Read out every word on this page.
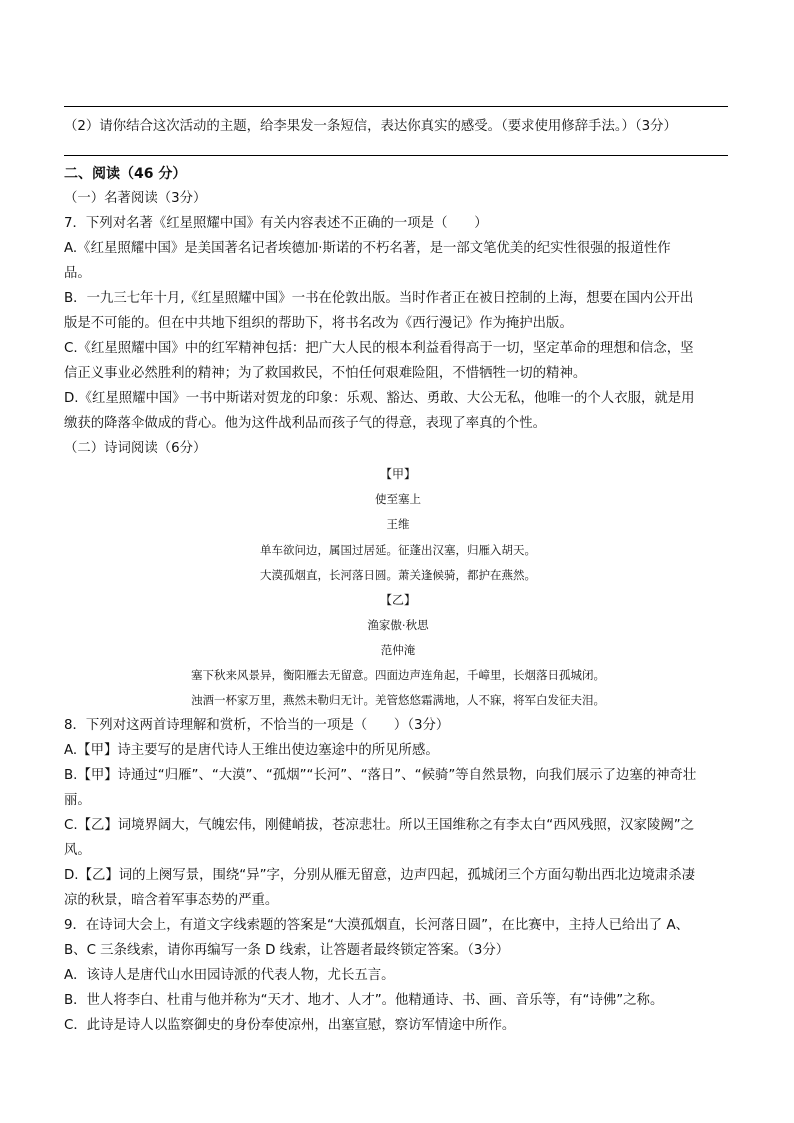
（2）请你结合这次活动的主题，给李果发一条短信，表达你真实的感受。（要求使用修辞手法。）（3分）
二、阅读（46 分）
（一）名著阅读（3分）
7．下列对名著《红星照耀中国》有关内容表述不正确的一项是（　　）
A.《红星照耀中国》是美国著名记者埃德加·斯诺的不朽名著，是一部文笔优美的纪实性很强的报道性作
品。
B．一九三七年十月,《红星照耀中国》一书在伦敦出版。当时作者正在被日控制的上海，想要在国内公开出
版是不可能的。但在中共地下组织的帮助下，将书名改为《西行漫记》作为掩护出版。
C.《红星照耀中国》中的红军精神包括：把广大人民的根本利益看得高于一切，坚定革命的理想和信念，坚
信正义事业必然胜利的精神；为了救国救民，不怕任何艰难险阻，不惜牺牲一切的精神。
D.《红星照耀中国》一书中斯诺对贺龙的印象：乐观、豁达、勇敢、大公无私，他唯一的个人衣服，就是用
缴获的降落伞做成的背心。他为这件战利品而孩子气的得意，表现了率真的个性。
（二）诗词阅读（6分）
【甲】
使至塞上
王维
单车欲问边，属国过居延。征蓬出汉塞，归雁入胡天。
大漠孤烟直，长河落日圆。萧关逢候骑，都护在燕然。
【乙】
渔家傲·秋思
范仲淹
塞下秋来风景异，衡阳雁去无留意。四面边声连角起，千嶂里，长烟落日孤城闭。
浊酒一杯家万里，燕然未勒归无计。羌管悠悠霜满地，人不寐，将军白发征夫泪。
8．下列对这两首诗理解和赏析，不恰当的一项是（　　）（3分）
A.【甲】诗主要写的是唐代诗人王维出使边塞途中的所见所感。
B.【甲】诗通过“归雁”、“大漠”、“孤烟”“长河”、“落日”、“候骑”等自然景物，向我们展示了边塞的神奇壮
丽。
C.【乙】词境界阔大，气魄宏伟，刚健峭拔，苍凉悲壮。所以王国维称之有李太白“西风残照，汉家陵阙”之
风。
D.【乙】词的上阕写景，围绕“异”字，分别从雁无留意，边声四起，孤城闭三个方面勾勒出西北边境肃杀凄
凉的秋景，暗含着军事态势的严重。
9．在诗词大会上，有道文字线索题的答案是“大漠孤烟直，长河落日圆”，在比赛中，主持人已给出了 A、
B、C 三条线索，请你再编写一条 D 线索，让答题者最终锁定答案。（3分）
A．该诗人是唐代山水田园诗派的代表人物，尤长五言。
B．世人将李白、杜甫与他并称为“天才、地才、人才”。他精通诗、书、画、音乐等，有“诗佛”之称。
C．此诗是诗人以监察御史的身份奉使凉州，出塞宣慰，察访军情途中所作。
